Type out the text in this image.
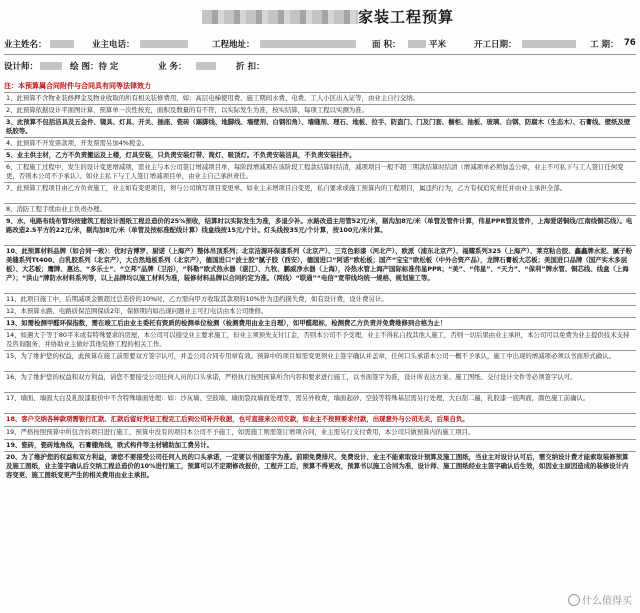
家装工程预算
业主姓名：	业主电话：	工程地址：	面 积：	平米	开工日期：	工 期： 76
设计师：	绘 图：待 定	业 务：	折 扣：
注：本预算属合同附件与合同具有同等法律效力
1、此预算不含物业装修押金及物业收取的所有相关装修费用，如：高层电梯使用费、施工期间水费、电费、工人小区出入证等，由业主自行交纳。
2、此预算依据设计平面图计算，预算单一次性按充，面积及数量的有不符，以实际发生为准，按实结算，每项工程以实测为准。
3、此预算不包括洁具及五金件、镜具、灯具、开关、插座、瓷砖（踢脚线、地脚线、墙壁剂、白钢扣角）、墙缝剂、理石、地板、拉手、防盗门、门及门套、橱柜、抽板、玻璃、白钢、防腐木（生态木）、石膏线、壁纸及壁纸胶等。
4、此预算不开发票款项，开发票需另加4%税金。
5、业主供主材，乙方不负责搬运及上楼，灯具安装，只负责安装灯带、筒灯、吸顶灯。不负责安装洁具，不负责安装挂件。
6、工程施工过程中，发生的设计变更增减项，需业主与本公司签订增减项目单，每阶段增减项在该阶段工程款结算时结清，减项项目一般不超三期款结算时结清（增减项单必须加盖公章，业主不可私下与工人签订任何变更，否则本公司不予承认）。如业主私下与工人签订增减项目单，由业主自己承担责任。
7、此预算工程项目由乙方负责施工，业主如有变更项目，须与公司填写项目变更单。如业主未增项目自变更，私自要求或施工预算内的工程项目，属违约行为，乙方有权追究责任并由业主承担全部。
8、消防工程手续由业主负责办理。
9、水、电路布线布管均按建筑工程设计图纸工程总造价的25%预收，结算时以实际发生为准，多退少补。水路改造主用管52元/米，剔沟加8元/米（单管及管件计算，伟星PPR管及管件，上海爱诺铜线/江南线铜芯线）。电路改造2.5平方的22元/米，剔沟加8元/米（单管及按标准配线计算）线盒线按15元/个计。灯头线按35元/个计算，按100元/米计算。
10、此预算材料品牌（如合同一致）：优时吉博罗、厨诺（上海产）整体吊顶系列；北京洁源环保漆系列（北京产）、三克色彩漆（河北产）、欧派（浦东北京产）、福耀系列325（上海产）、莱克粘合胶、鑫鑫牌水泥、腻子粉美缝系列Tt400、白乳胶系列（北京产），大自然地板系列（北京产），德国进口“波士胶”腻子胶（西安），德国进口“阿诺”欧松板；国产“宝宝”欧松板（中外合资产品），龙牌石膏板大芯板；美国进口品牌（国产实木多层板）、大芯板；鹰牌、惠达、“多乐士”、“立邦”品牌（卫浴），“科勒”欧式热水器（湛江）、九牧、鹏威净水器（上海），冷热水管上海产国际标准伟星PPR；“美”、“伟星”、“天力”、“保利”牌水管、铜芯线、线盒（上海产）；“洪山”牌防水材料系列等，以上品牌均以施工材料为准，装修材料品牌以合同约定为准。（网线）“联通”“电信”宽带线均统一规格、规划施工等。
11、此项目施工中，后期减项金额超过总造价的10%时，乙方需向甲方收取其款项的10%作为违约损失费，如有设计费，设计费另计。
12、本预算水路、电路质保范围保质2年，保修期内如出现问题业主可打电话由本公司维修。
13、如需检测甲醛环保指数，需在竣工后由业主委托有资质的检测单位检测（检测费用由业主自理），如甲醛超标，检测费乙方负责并免费维修到合格为止！
14、如遇大于等于80平米或有特殊要求的房屋，本公司可以接受业主要求施工，但业主须预先支付订金，否则本公司不予受理，业主不得私自找其他人施工，否则一切后果由业主承担，本公司可以免费为业主提供技术支持及咨询服务，并协助业主做好其他装修工程的相关工作。
15、为了维护您的权益，此预算在施工前需要双方签字认可，并盖公司合同专用章有效。预算中的项目如需变更须业主签字确认并盖章，任何口头承诺本公司一概不予承认，施工中出现的增减项必须以书面形式确认。
16、为了维护您的权益和双方利益，请您不要接受公司任何人员的口头承诺，严格执行按照预算所含内容和要求进行施工，以书面签字为准，设计所表达方案、施工图纸、交付设计文件等必须签字认可。
17、墙面、墙面大白及乳胶漆报价中不含特殊墙面处理：如：沙灰墙、空鼓墙、墙面裂纹墙面处理等，需另外收费，墙面起砂、空鼓等特殊基层需另行处理，大白刮二遍，乳胶漆一底两面，颜色施工前确认。
18、客户交纳各种款项需银行汇款、汇款后留好凭证工程完工后到公司补开收据，也可直接来公司交款，如业主不按照要求付款，出现意外与公司无关，后果自负。
19、严格按照预算中所包含的项目进行施工，预算中没有的项目本公司不予施工，如需施工则需签订增项合同，业主需另行支付费用，本公司只做预算内的施工项目。
19、瓷砖，瓷砖地角线，石膏棚角线，欧式构件等主材辅助加工费另计。
20、为了维护您的权益和双方利益，请您不要接受公司任何人员的口头承诺，一定要以书面签字为准。前期免费排尺、免费设计、业主不能索取设计预算及施工图纸，当业主对设计认可后，需交纳设计费才能索取装修预算及施工图纸，业主签字确认后交纳工程总造价的10%进行施工，预算可以不定期修改报价，工程开工后，预算不得更改，预算书以施工合同为准，设计师、施工图纸经业主签字确认后生效，如因业主原因造成的装修设计内容变更、施工图纸变更产生的相关费用由业主承担。
什么值得买
